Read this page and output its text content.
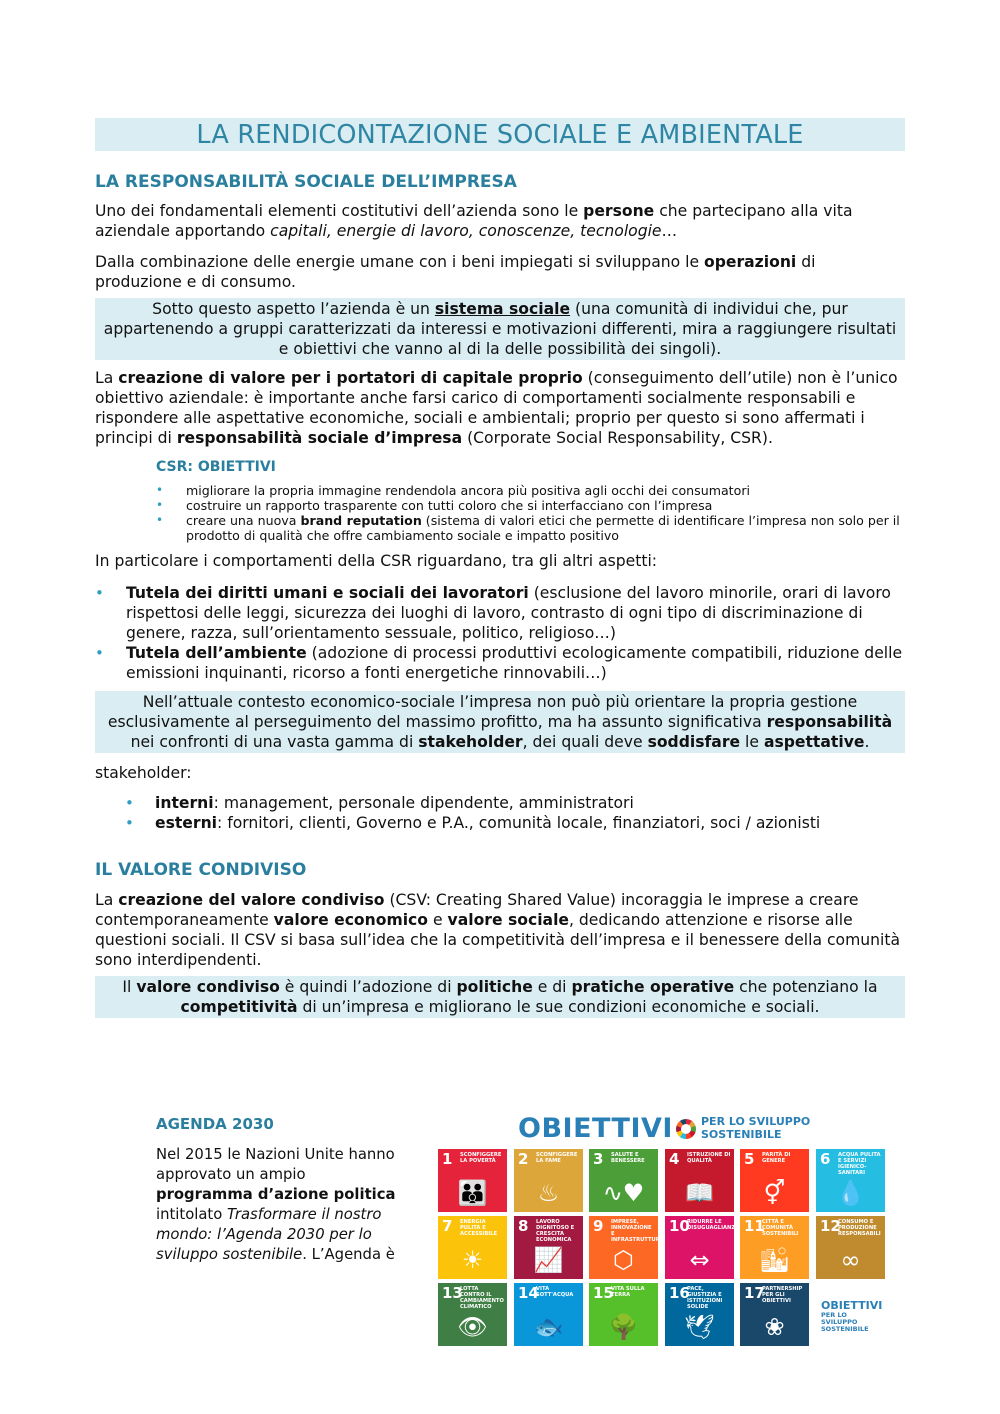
LA RENDICONTAZIONE SOCIALE E AMBIENTALE
LA RESPONSABILITÀ SOCIALE DELL’IMPRESA

Uno dei fondamentali elementi costitutivi dell’azienda sono le persone che partecipano alla vita aziendale apportando capitali, energie di lavoro, conoscenze, tecnologie…

Dalla combinazione delle energie umane con i beni impiegati si sviluppano le operazioni di produzione e di consumo.

Sotto questo aspetto l’azienda è un sistema sociale (una comunità di individui che, pur appartenendo a gruppi caratterizzati da interessi e motivazioni differenti, mira a raggiungere risultati e obiettivi che vanno al di la delle possibilità dei singoli).

La creazione di valore per i portatori di capitale proprio (conseguimento dell’utile) non è l’unico obiettivo aziendale: è importante anche farsi carico di comportamenti socialmente responsabili e rispondere alle aspettative economiche, sociali e ambientali; proprio per questo si sono affermati i principi di responsabilità sociale d’impresa (Corporate Social Responsability, CSR).

CSR: OBIETTIVI
• migliorare la propria immagine rendendola ancora più positiva agli occhi dei consumatori
• costruire un rapporto trasparente con tutti coloro che si interfacciano con l’impresa
• creare una nuova brand reputation (sistema di valori etici che permette di identificare l’impresa non solo per il prodotto di qualità che offre cambiamento sociale e impatto positivo

In particolare i comportamenti della CSR riguardano, tra gli altri aspetti:

• Tutela dei diritti umani e sociali dei lavoratori (esclusione del lavoro minorile, orari di lavoro rispettosi delle leggi, sicurezza dei luoghi di lavoro, contrasto di ogni tipo di discriminazione di genere, razza, sull’orientamento sessuale, politico, religioso…)
• Tutela dell’ambiente (adozione di processi produttivi ecologicamente compatibili, riduzione delle emissioni inquinanti, ricorso a fonti energetiche rinnovabili…)
Nell’attuale contesto economico-sociale l’impresa non può più orientare la propria gestione esclusivamente al perseguimento del massimo profitto, ma ha assunto significativa responsabilità nei confronti di una vasta gamma di stakeholder, dei quali deve soddisfare le aspettative.

stakeholder:

• interni: management, personale dipendente, amministratori
• esterni: fornitori, clienti, Governo e P.A., comunità locale, finanziatori, soci / azionisti
IL VALORE CONDIVISO

La creazione del valore condiviso (CSV: Creating Shared Value) incoraggia le imprese a creare contemporaneamente valore economico e valore sociale, dedicando attenzione e risorse alle questioni sociali. Il CSV si basa sull’idea che la competitività dell’impresa e il benessere della comunità sono interdipendenti.

Il valore condiviso è quindi l’adozione di politiche e di pratiche operative che potenziano la competitività di un’impresa e migliorano le sue condizioni economiche e sociali.
AGENDA 2030

Nel 2015 le Nazioni Unite hanno approvato un ampio programma d’azione politica intitolato Trasformare il nostro mondo: l’Agenda 2030 per lo sviluppo sostenibile. L’Agenda è

OBIETTIVI	PER LO SVILUPPO
SOSTENIBILE
1 SCONFIGGERE LA POVERTÀ
👪
2 SCONFIGGERE LA FAME
♨
3 SALUTE E BENESSERE
∿♥
4 ISTRUZIONE DI QUALITÀ
📖
5 PARITÀ DI GENERE
⚥
6 ACQUA PULITA E SERVIZI IGIENICO-SANITARI
💧
7 ENERGIA PULITA E ACCESSIBILE
☀
8 LAVORO DIGNITOSO E CRESCITA ECONOMICA
📈
9 IMPRESE, INNOVAZIONE E INFRASTRUTTURE
⬡
10
RIDURRE LE DISUGUAGLIANZE
⇔
11
CITTÀ E COMUNITÀ SOSTENIBILI
🏙
12
CONSUMO E PRODUZIONE RESPONSABILI
∞
13
LOTTA CONTRO IL CAMBIAMENTO CLIMATICO
👁
14
VITA SOTT'ACQUA
🐟
15
VITA SULLA TERRA
🌳
16
PACE, GIUSTIZIA E ISTITUZIONI SOLIDE
🕊
17
PARTNERSHIP PER GLI OBIETTIVI
❀
OBIETTIVI
PER LO SVILUPPO
SOSTENIBILE
